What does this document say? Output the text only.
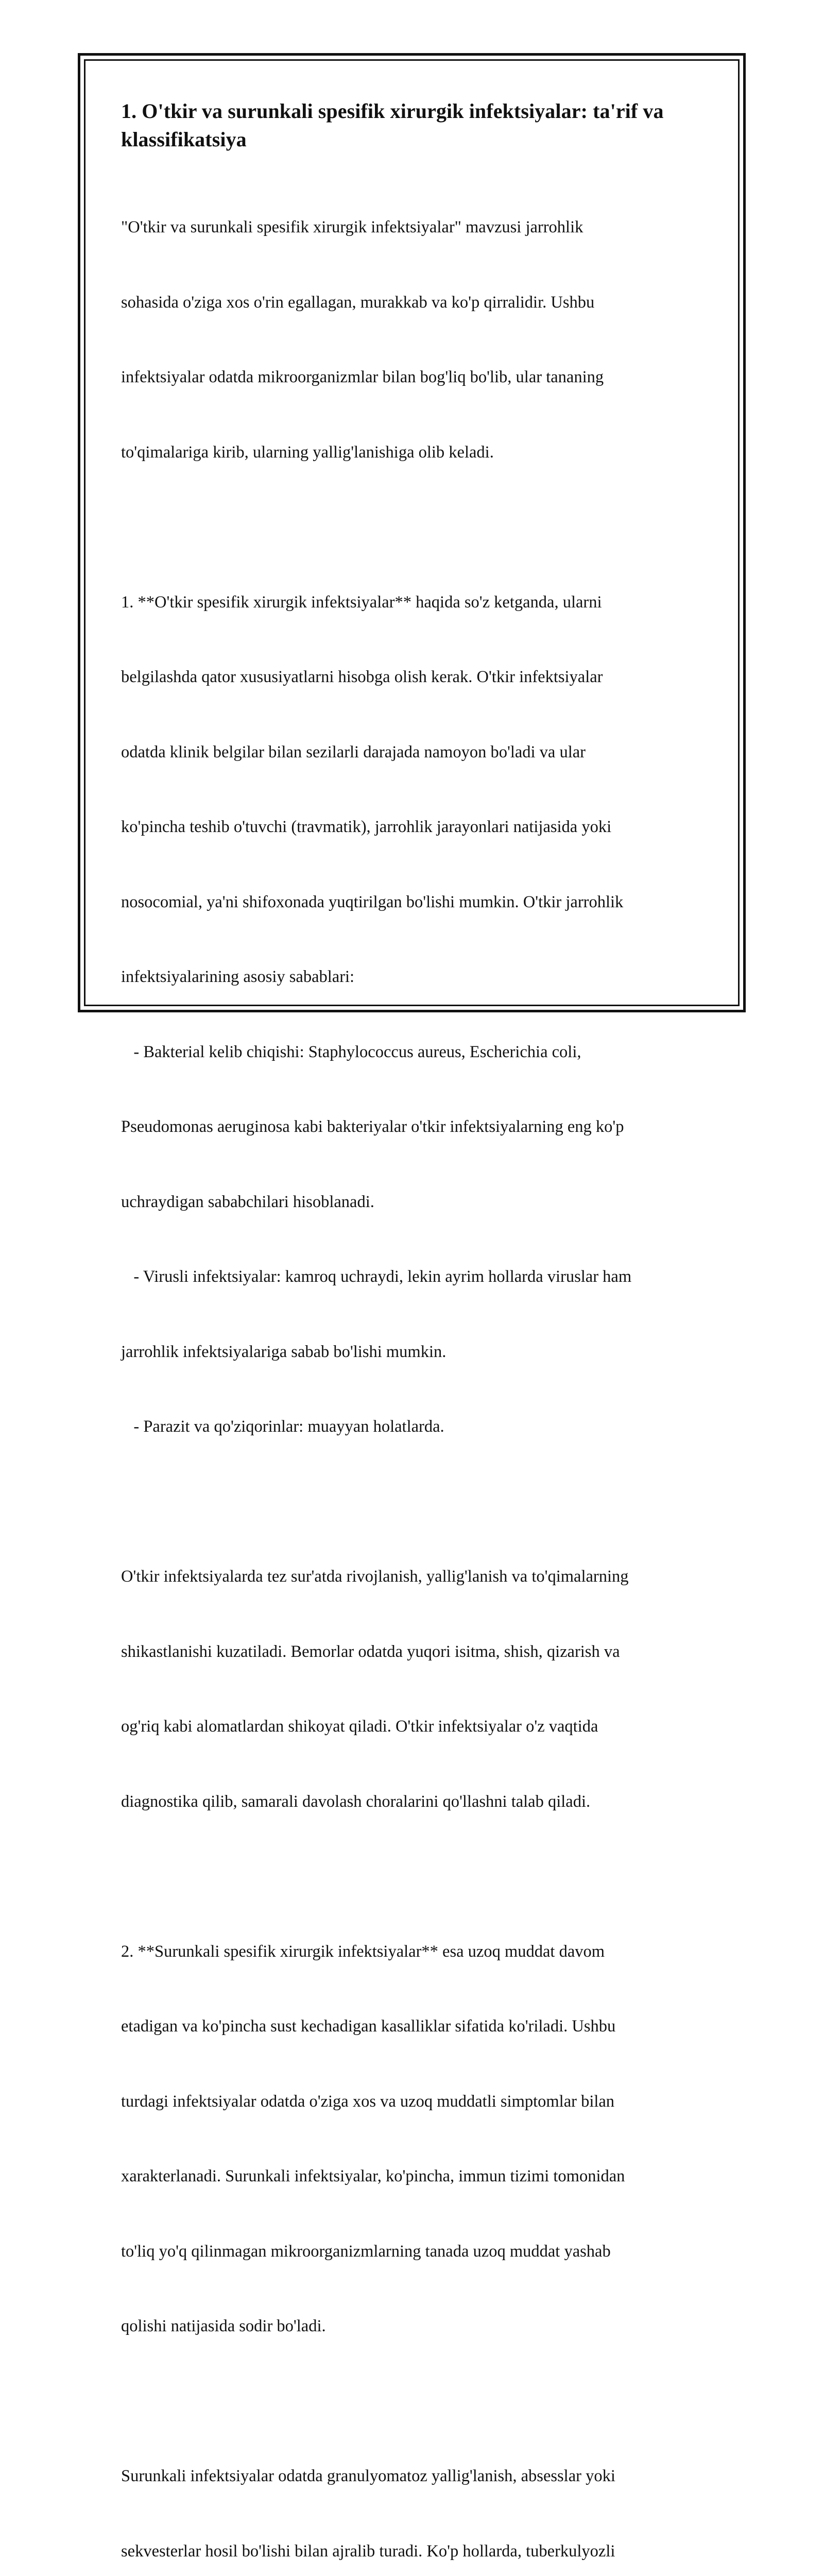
1. O'tkir va surunkali spesifik xirurgik infektsiyalar: ta'rif va
klassifikatsiya

"O'tkir va surunkali spesifik xirurgik infektsiyalar" mavzusi jarrohlik

sohasida o'ziga xos o'rin egallagan, murakkab va ko'p qirralidir. Ushbu

infektsiyalar odatda mikroorganizmlar bilan bog'liq bo'lib, ular tananing

to'qimalariga kirib, ularning yallig'lanishiga olib keladi.

1. **O'tkir spesifik xirurgik infektsiyalar** haqida so'z ketganda, ularni

belgilashda qator xususiyatlarni hisobga olish kerak. O'tkir infektsiyalar

odatda klinik belgilar bilan sezilarli darajada namoyon bo'ladi va ular

ko'pincha teshib o'tuvchi (travmatik), jarrohlik jarayonlari natijasida yoki

nosocomial, ya'ni shifoxonada yuqtirilgan bo'lishi mumkin. O'tkir jarrohlik

infektsiyalarining asosiy sabablari:

- Bakterial kelib chiqishi: Staphylococcus aureus, Escherichia coli,

Pseudomonas aeruginosa kabi bakteriyalar o'tkir infektsiyalarning eng ko'p

uchraydigan sababchilari hisoblanadi.

- Virusli infektsiyalar: kamroq uchraydi, lekin ayrim hollarda viruslar ham

jarrohlik infektsiyalariga sabab bo'lishi mumkin.

- Parazit va qo'ziqorinlar: muayyan holatlarda.

O'tkir infektsiyalarda tez sur'atda rivojlanish, yallig'lanish va to'qimalarning

shikastlanishi kuzatiladi. Bemorlar odatda yuqori isitma, shish, qizarish va

og'riq kabi alomatlardan shikoyat qiladi. O'tkir infektsiyalar o'z vaqtida

diagnostika qilib, samarali davolash choralarini qo'llashni talab qiladi.

2. **Surunkali spesifik xirurgik infektsiyalar** esa uzoq muddat davom

etadigan va ko'pincha sust kechadigan kasalliklar sifatida ko'riladi. Ushbu

turdagi infektsiyalar odatda o'ziga xos va uzoq muddatli simptomlar bilan

xarakterlanadi. Surunkali infektsiyalar, ko'pincha, immun tizimi tomonidan

to'liq yo'q qilinmagan mikroorganizmlarning tanada uzoq muddat yashab

qolishi natijasida sodir bo'ladi.

Surunkali infektsiyalar odatda granulyomatoz yallig'lanish, absesslar yoki

sekvesterlar hosil bo'lishi bilan ajralib turadi. Ko'p hollarda, tuberkulyozli
